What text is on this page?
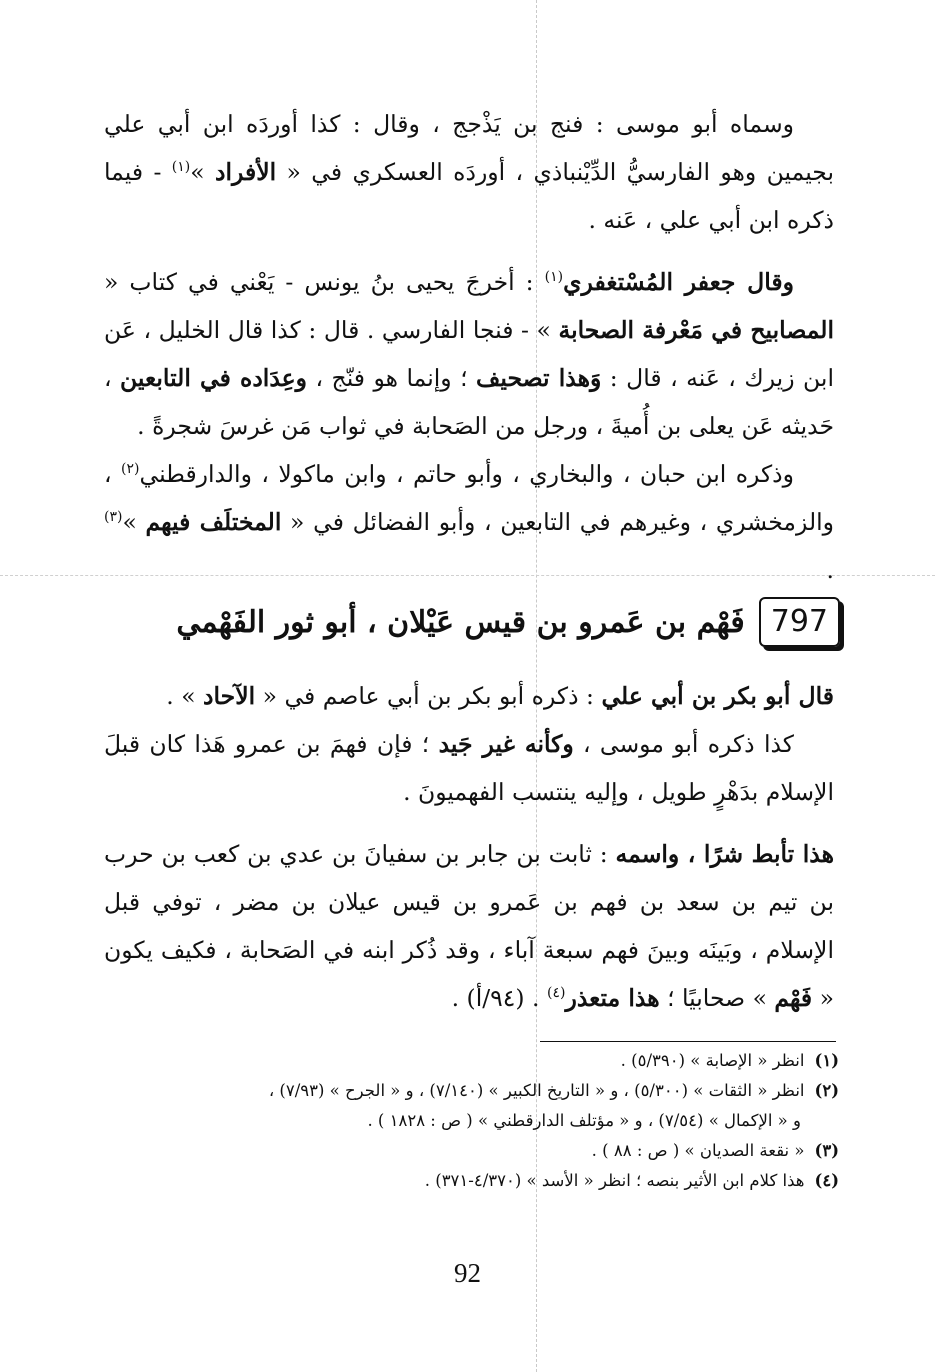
وسماه أبو موسى : فنج بن يَذْجج ، وقال : كذا أوردَه ابن أبي علي بجيمين وهو الفارسيُّ الدِّيْنباذي ، أوردَه العسكري في « الأفراد »$^{(١)}$ - فيما ذكره ابن أبي علي ، عَنه .

وقال جعفر المُسْتغفري$^{(١)}$ : أخرجَ يحيى بنُ يونس - يَعْني في كتاب « المصابيح في مَعْرفة الصحابة » - فنجا الفارسي . قال : كذا قال الخليل ، عَن ابن زيرك ، عَنه ، قال : وَهذا تصحيف ؛ وإنما هو فنّج ، وعِدَاده في التابعين ، حَديثه عَن يعلى بن أُميةَ ، ورجل من الصَحابة في ثواب مَن غرسَ شجرةً .

وذكره ابن حبان ، والبخاري ، وأبو حاتم ، وابن ماكولا ، والدارقطني$^{(٢)}$ ، والزمخشري ، وغيرهم في التابعين ، وأبو الفضائل في « المختلَف فيهم »$^{(٣)}$ .

797
فَهْم بن عَمرو بن قيس عَيْلان ، أبو ثور الفَهْمي

قال أبو بكر بن أبي علي : ذكره أبو بكر بن أبي عاصم في « الآحاد » .

كذا ذكره أبو موسى ، وكأنه غير جَيد ؛ فإن فهمَ بن عمرو هَذا كان قبلَ الإسلام بدَهْرٍ طويل ، وإليه ينتسب الفهميونَ .

هذا تأبط شرًا ، واسمه : ثابت بن جابر بن سفيانَ بن عدي بن كعب بن حرب بن تيم بن سعد بن فهم بن عَمرو بن قيس عيلان بن مضر ، توفي قبل الإسلام ، وبَينَه وبينَ فهم سبعة آباء ، وقد ذُكر ابنه في الصَحابة ، فكيف يكون « فَهْم » صحابيًا ؛ هذا متعذر$^{(٤)}$ . (٩٤/أ) .

(١)انظر « الإصابة » (٥/٣٩٠) .

(٢)انظر « الثقات » (٥/٣٠٠) ، و « التاريخ الكبير » (٧/١٤٠) ، و « الجرح » (٧/٩٣) ،

و « الإكمال » (٧/٥٤) ، و « مؤتلف الدارقطني » ( ص : ١٨٢٨ ) .

(٣)« نقعة الصديان » ( ص : ٨٨ ) .

(٤)هذا كلام ابن الأثير بنصه ؛ انظر « الأسد » (٤/٣٧٠-٣٧١) .

92
